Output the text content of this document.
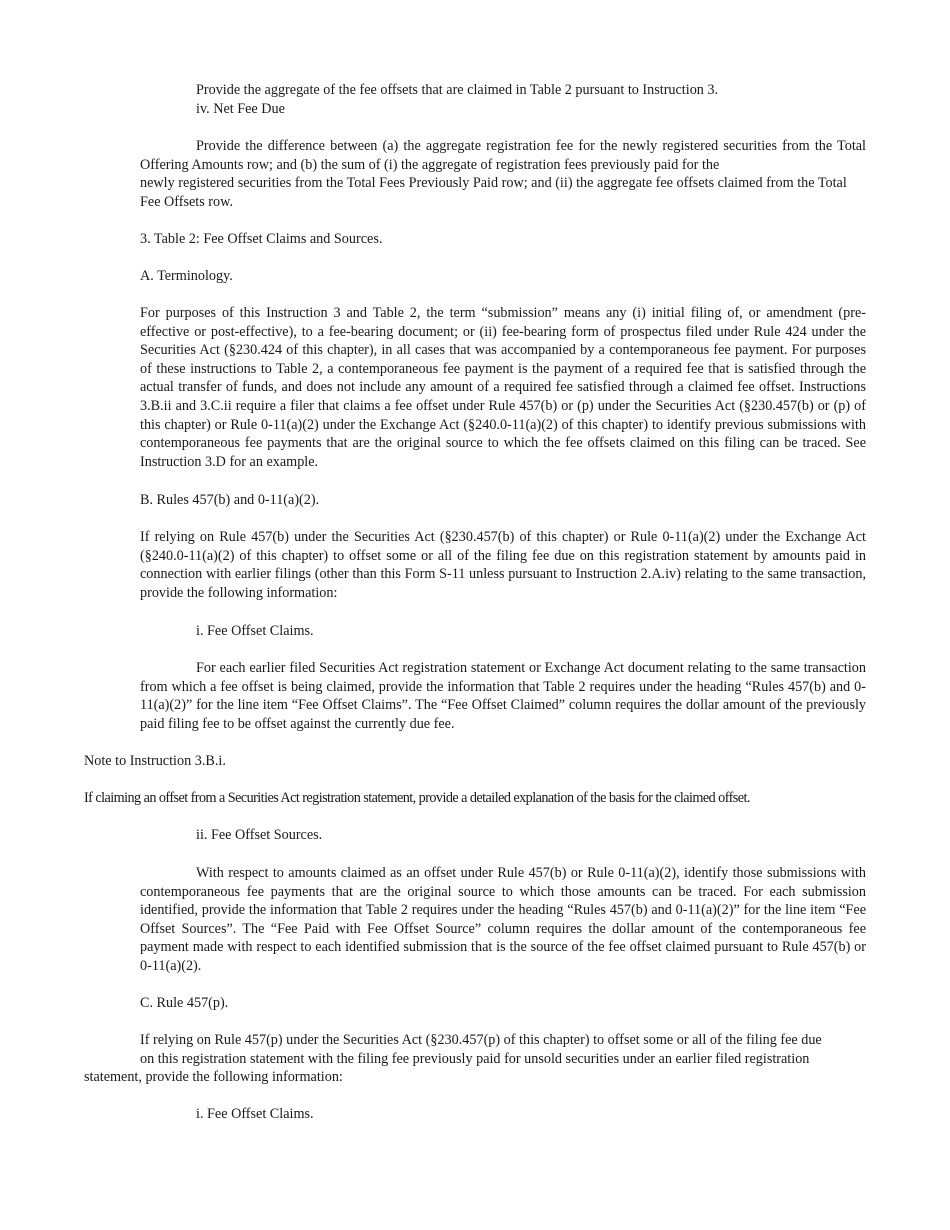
Provide the aggregate of the fee offsets that are claimed in Table 2 pursuant to Instruction 3.

iv. Net Fee Due

Provide the difference between (a) the aggregate registration fee for the newly registered securities from the Total Offering Amounts row; and (b) the sum of (i) the aggregate of registration fees previously paid for the
newly registered securities from the Total Fees Previously Paid row; and (ii) the aggregate fee offsets claimed from the Total Fee Offsets row.

3. Table 2: Fee Offset Claims and Sources.

A. Terminology.

For purposes of this Instruction 3 and Table 2, the term “submission” means any (i) initial filing of, or amendment (pre-effective or post-effective), to a fee-bearing document; or (ii) fee-bearing form of prospectus filed under Rule 424 under the Securities Act (§230.424 of this chapter), in all cases that was accompanied by a contemporaneous fee payment. For purposes of these instructions to Table 2, a contemporaneous fee payment is the payment of a required fee that is satisfied through the actual transfer of funds, and does not include any amount of a required fee satisfied through a claimed fee offset. Instructions 3.B.ii and 3.C.ii require a filer that claims a fee offset under Rule 457(b) or (p) under the Securities Act (§230.457(b) or (p) of this chapter) or Rule 0-11(a)(2) under the Exchange Act (§240.0-11(a)(2) of this chapter) to identify previous submissions with contemporaneous fee payments that are the original source to which the fee offsets claimed on this filing can be traced. See Instruction 3.D for an example.

B. Rules 457(b) and 0-11(a)(2).

If relying on Rule 457(b) under the Securities Act (§230.457(b) of this chapter) or Rule 0-11(a)(2) under the Exchange Act (§240.0-11(a)(2) of this chapter) to offset some or all of the filing fee due on this registration statement by amounts paid in connection with earlier filings (other than this Form S-11 unless pursuant to Instruction 2.A.iv) relating to the same transaction, provide the following information:

i. Fee Offset Claims.

For each earlier filed Securities Act registration statement or Exchange Act document relating to the same transaction from which a fee offset is being claimed, provide the information that Table 2 requires under the heading “Rules 457(b) and 0-11(a)(2)” for the line item “Fee Offset Claims”. The “Fee Offset Claimed” column requires the dollar amount of the previously paid filing fee to be offset against the currently due fee.

Note to Instruction 3.B.i.

If claiming an offset from a Securities Act registration statement, provide a detailed explanation of the basis for the claimed offset.

ii. Fee Offset Sources.

With respect to amounts claimed as an offset under Rule 457(b) or Rule 0-11(a)(2), identify those submissions with contemporaneous fee payments that are the original source to which those amounts can be traced. For each submission identified, provide the information that Table 2 requires under the heading “Rules 457(b) and 0-11(a)(2)” for the line item “Fee Offset Sources”. The “Fee Paid with Fee Offset Source” column requires the dollar amount of the contemporaneous fee payment made with respect to each identified submission that is the source of the fee offset claimed pursuant to Rule 457(b) or 0-11(a)(2).

C. Rule 457(p).

If relying on Rule 457(p) under the Securities Act (§230.457(p) of this chapter) to offset some or all of the filing fee due
on this registration statement with the filing fee previously paid for unsold securities under an earlier filed registration
statement, provide the following information:

i. Fee Offset Claims.
